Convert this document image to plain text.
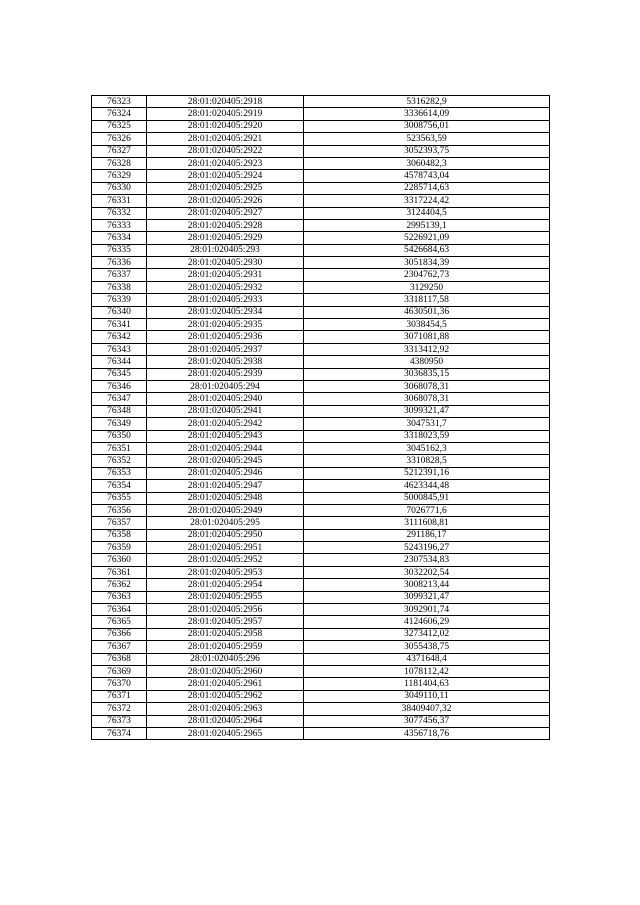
76323	28:01:020405:2918	5316282,9
76324	28:01:020405:2919	3336614,09
76325	28:01:020405:2920	3008756,01
76326	28:01:020405:2921	523563,59
76327	28:01:020405:2922	3052393,75
76328	28:01:020405:2923	3060482,3
76329	28:01:020405:2924	4578743,04
76330	28:01:020405:2925	2285714,63
76331	28:01:020405:2926	3317224,42
76332	28:01:020405:2927	3124404,5
76333	28:01:020405:2928	2995139,1
76334	28:01:020405:2929	5226921,09
76335	28:01:020405:293	5426684,63
76336	28:01:020405:2930	3051834,39
76337	28:01:020405:2931	2304762,73
76338	28:01:020405:2932	3129250
76339	28:01:020405:2933	3318117,58
76340	28:01:020405:2934	4630501,36
76341	28:01:020405:2935	3038454,5
76342	28:01:020405:2936	3071081,88
76343	28:01:020405:2937	3313412,92
76344	28:01:020405:2938	4380950
76345	28:01:020405:2939	3036835,15
76346	28:01:020405:294	3068078,31
76347	28:01:020405:2940	3068078,31
76348	28:01:020405:2941	3099321,47
76349	28:01:020405:2942	3047531,7
76350	28:01:020405:2943	3318023,59
76351	28:01:020405:2944	3045162,3
76352	28:01:020405:2945	3310828,5
76353	28:01:020405:2946	5212391,16
76354	28:01:020405:2947	4623344,48
76355	28:01:020405:2948	5000845,91
76356	28:01:020405:2949	7026771,6
76357	28:01:020405:295	3111608,81
76358	28:01:020405:2950	291186,17
76359	28:01:020405:2951	5243196,27
76360	28:01:020405:2952	2307534,83
76361	28:01:020405:2953	3032202,54
76362	28:01:020405:2954	3008213,44
76363	28:01:020405:2955	3099321,47
76364	28:01:020405:2956	3092901,74
76365	28:01:020405:2957	4124606,29
76366	28:01:020405:2958	3273412,02
76367	28:01:020405:2959	3055438,75
76368	28:01:020405:296	4371648,4
76369	28:01:020405:2960	1078112,42
76370	28:01:020405:2961	1181404,63
76371	28:01:020405:2962	3049110,11
76372	28:01:020405:2963	38409407,32
76373	28:01:020405:2964	3077456,37
76374	28:01:020405:2965	4356718,76
